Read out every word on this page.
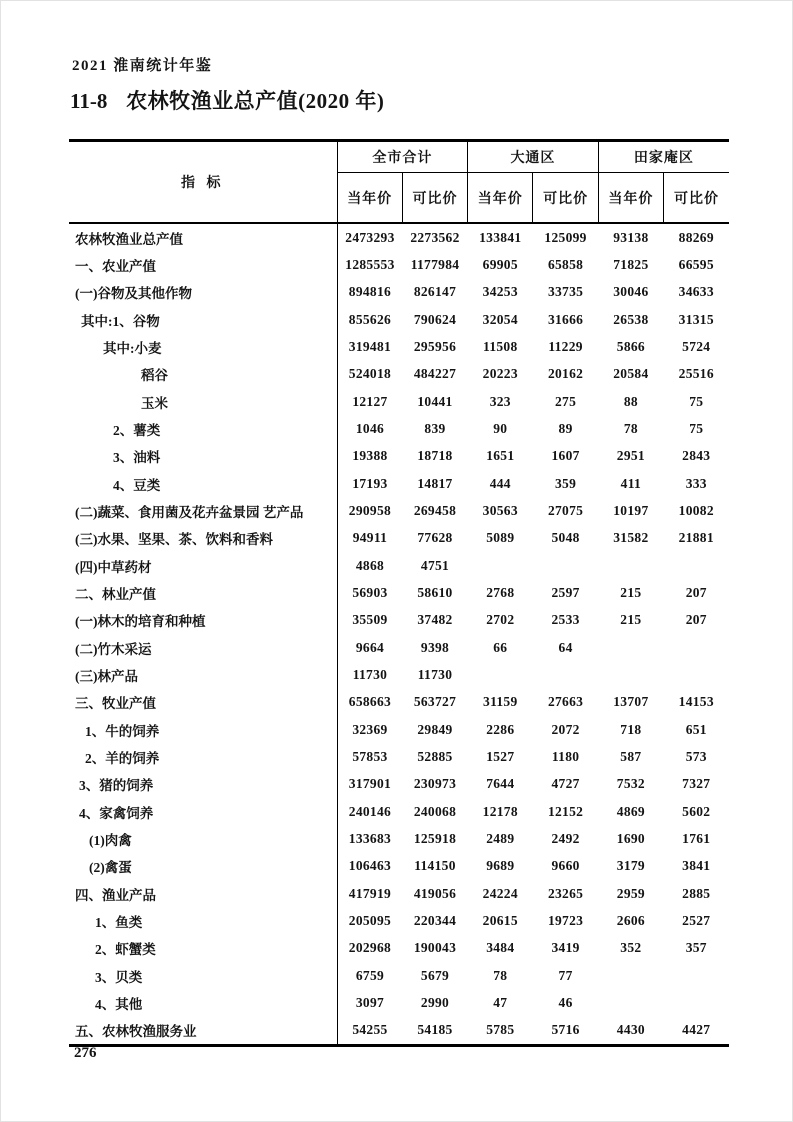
2021 淮南统计年鉴
11-8 农林牧渔业总产值(2020 年)
指 标	全市合计		大通区		田家庵区	
	当年价	可比价	当年价	可比价	当年价	可比价
农林牧渔业总产值	2473293	2273562	133841	125099	93138	88269
一、农业产值	1285553	1177984	69905	65858	71825	66595
(一)谷物及其他作物	894816	826147	34253	33735	30046	34633
其中:1、谷物	855626	790624	32054	31666	26538	31315
其中:小麦	319481	295956	11508	11229	5866	5724
稻谷	524018	484227	20223	20162	20584	25516
玉米	12127	10441	323	275	88	75
2、薯类	1046	839	90	89	78	75
3、油料	19388	18718	1651	1607	2951	2843
4、豆类	17193	14817	444	359	411	333
(二)蔬菜、食用菌及花卉盆景园 艺产品	290958	269458	30563	27075	10197	10082
(三)水果、坚果、茶、饮料和香料	94911	77628	5089	5048	31582	21881
(四)中草药材	4868	4751				
二、林业产值	56903	58610	2768	2597	215	207
(一)林木的培育和种植	35509	37482	2702	2533	215	207
(二)竹木采运	9664	9398	66	64		
(三)林产品	11730	11730				
三、牧业产值	658663	563727	31159	27663	13707	14153
1、牛的饲养	32369	29849	2286	2072	718	651
2、羊的饲养	57853	52885	1527	1180	587	573
3、猪的饲养	317901	230973	7644	4727	7532	7327
4、家禽饲养	240146	240068	12178	12152	4869	5602
(1)肉禽	133683	125918	2489	2492	1690	1761
(2)禽蛋	106463	114150	9689	9660	3179	3841
四、渔业产品	417919	419056	24224	23265	2959	2885
1、鱼类	205095	220344	20615	19723	2606	2527
2、虾蟹类	202968	190043	3484	3419	352	357
3、贝类	6759	5679	78	77		
4、其他	3097	2990	47	46		
五、农林牧渔服务业	54255	54185	5785	5716	4430	4427
276
